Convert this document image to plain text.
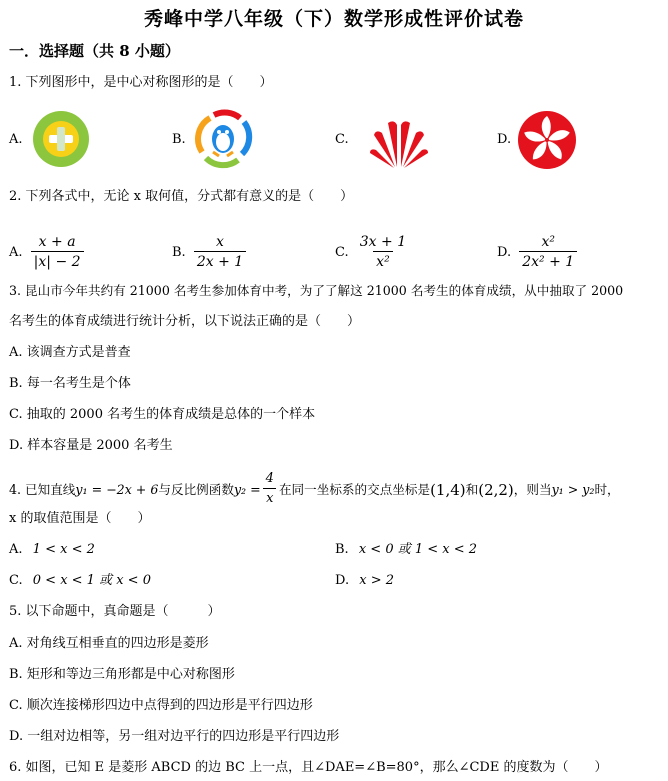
秀峰中学八年级（下）数学形成性评价试卷
一．选择题（共 8 小题）
1. 下列图形中，是中心对称图形的是（　　）
A.	B.	C.	D.
2. 下列各式中，无论 x 取何值，分式都有意义的是（　　）
A. $\frac{x + a}{|x| - 2}$	B. $\frac{x}{2x + 1}$	C. $\frac{3x + 1}{\text{x²}}$	D. $\frac{\text{x²}}{\text{2x² + 1}}$
3. 昆山市今年共约有 21000 名考生参加体育中考，为了了解这 21000 名考生的体育成绩，从中抽取了 2000
名考生的体育成绩进行统计分析，以下说法正确的是（　　）
A. 该调查方式是普查
B. 每一名考生是个体
C. 抽取的 2000 名考生的体育成绩是总体的一个样本
D. 样本容量是 2000 名考生
4. 已知直线 y₁ = −2x + 6 与反比例函数 $y_2 = \frac{4}{x}$ 在同一坐标系的交点坐标是 (1,4) 和 (2,2) ，则当 y₁ > y₂ 时，
x 的取值范围是（　　）
A. 1 < x < 2	B. x < 0 或 1 < x < 2
C. 0 < x < 1 或 x < 0	D. x > 2
5. 以下命题中，真命题是（　　　）
A. 对角线互相垂直的四边形是菱形
B. 矩形和等边三角形都是中心对称图形
C. 顺次连接梯形四边中点得到的四边形是平行四边形
D. 一组对边相等，另一组对边平行的四边形是平行四边形
6. 如图，已知 E 是菱形 ABCD 的边 BC 上一点，且∠DAE=∠B=80°，那么∠CDE 的度数为（　　）
